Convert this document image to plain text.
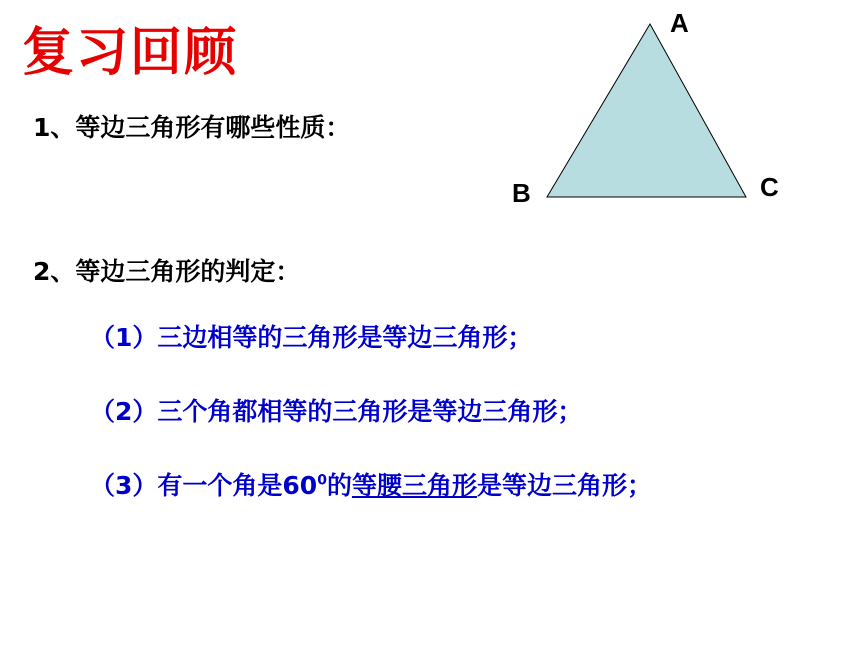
复习回顾
1、等边三角形有哪些性质：
A
B	C
2、等边三角形的判定：
（1）三边相等的三角形是等边三角形；
（2）三个角都相等的三角形是等边三角形；
（3）有一个角是$60^0$的等腰三角形是等边三角形；
